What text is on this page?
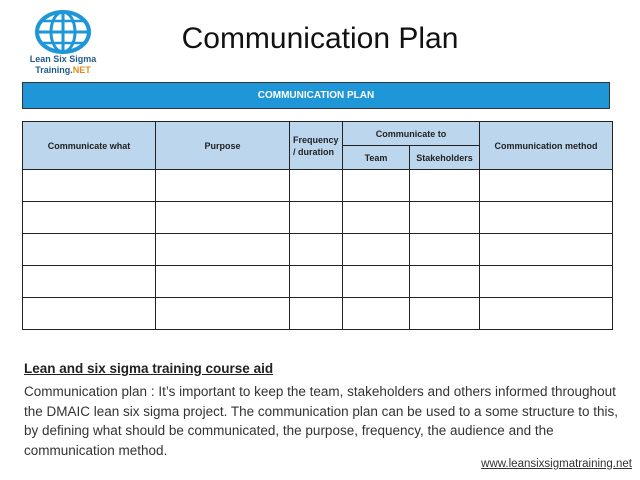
Lean Six Sigma
Training.NET
Communication Plan
COMMUNICATION PLAN
Communicate what	Purpose	Frequency / duration	Communicate to		Communication method
			Team	Stakeholders	

Lean and six sigma training course aid
Communication plan : It’s important to keep the team, stakeholders and others informed throughout the DMAIC lean six sigma project. The communication plan can be used to a some structure to this, by defining what should be communicated, the purpose, frequency, the audience and the communication method.
www.leansixsigmatraining.net
